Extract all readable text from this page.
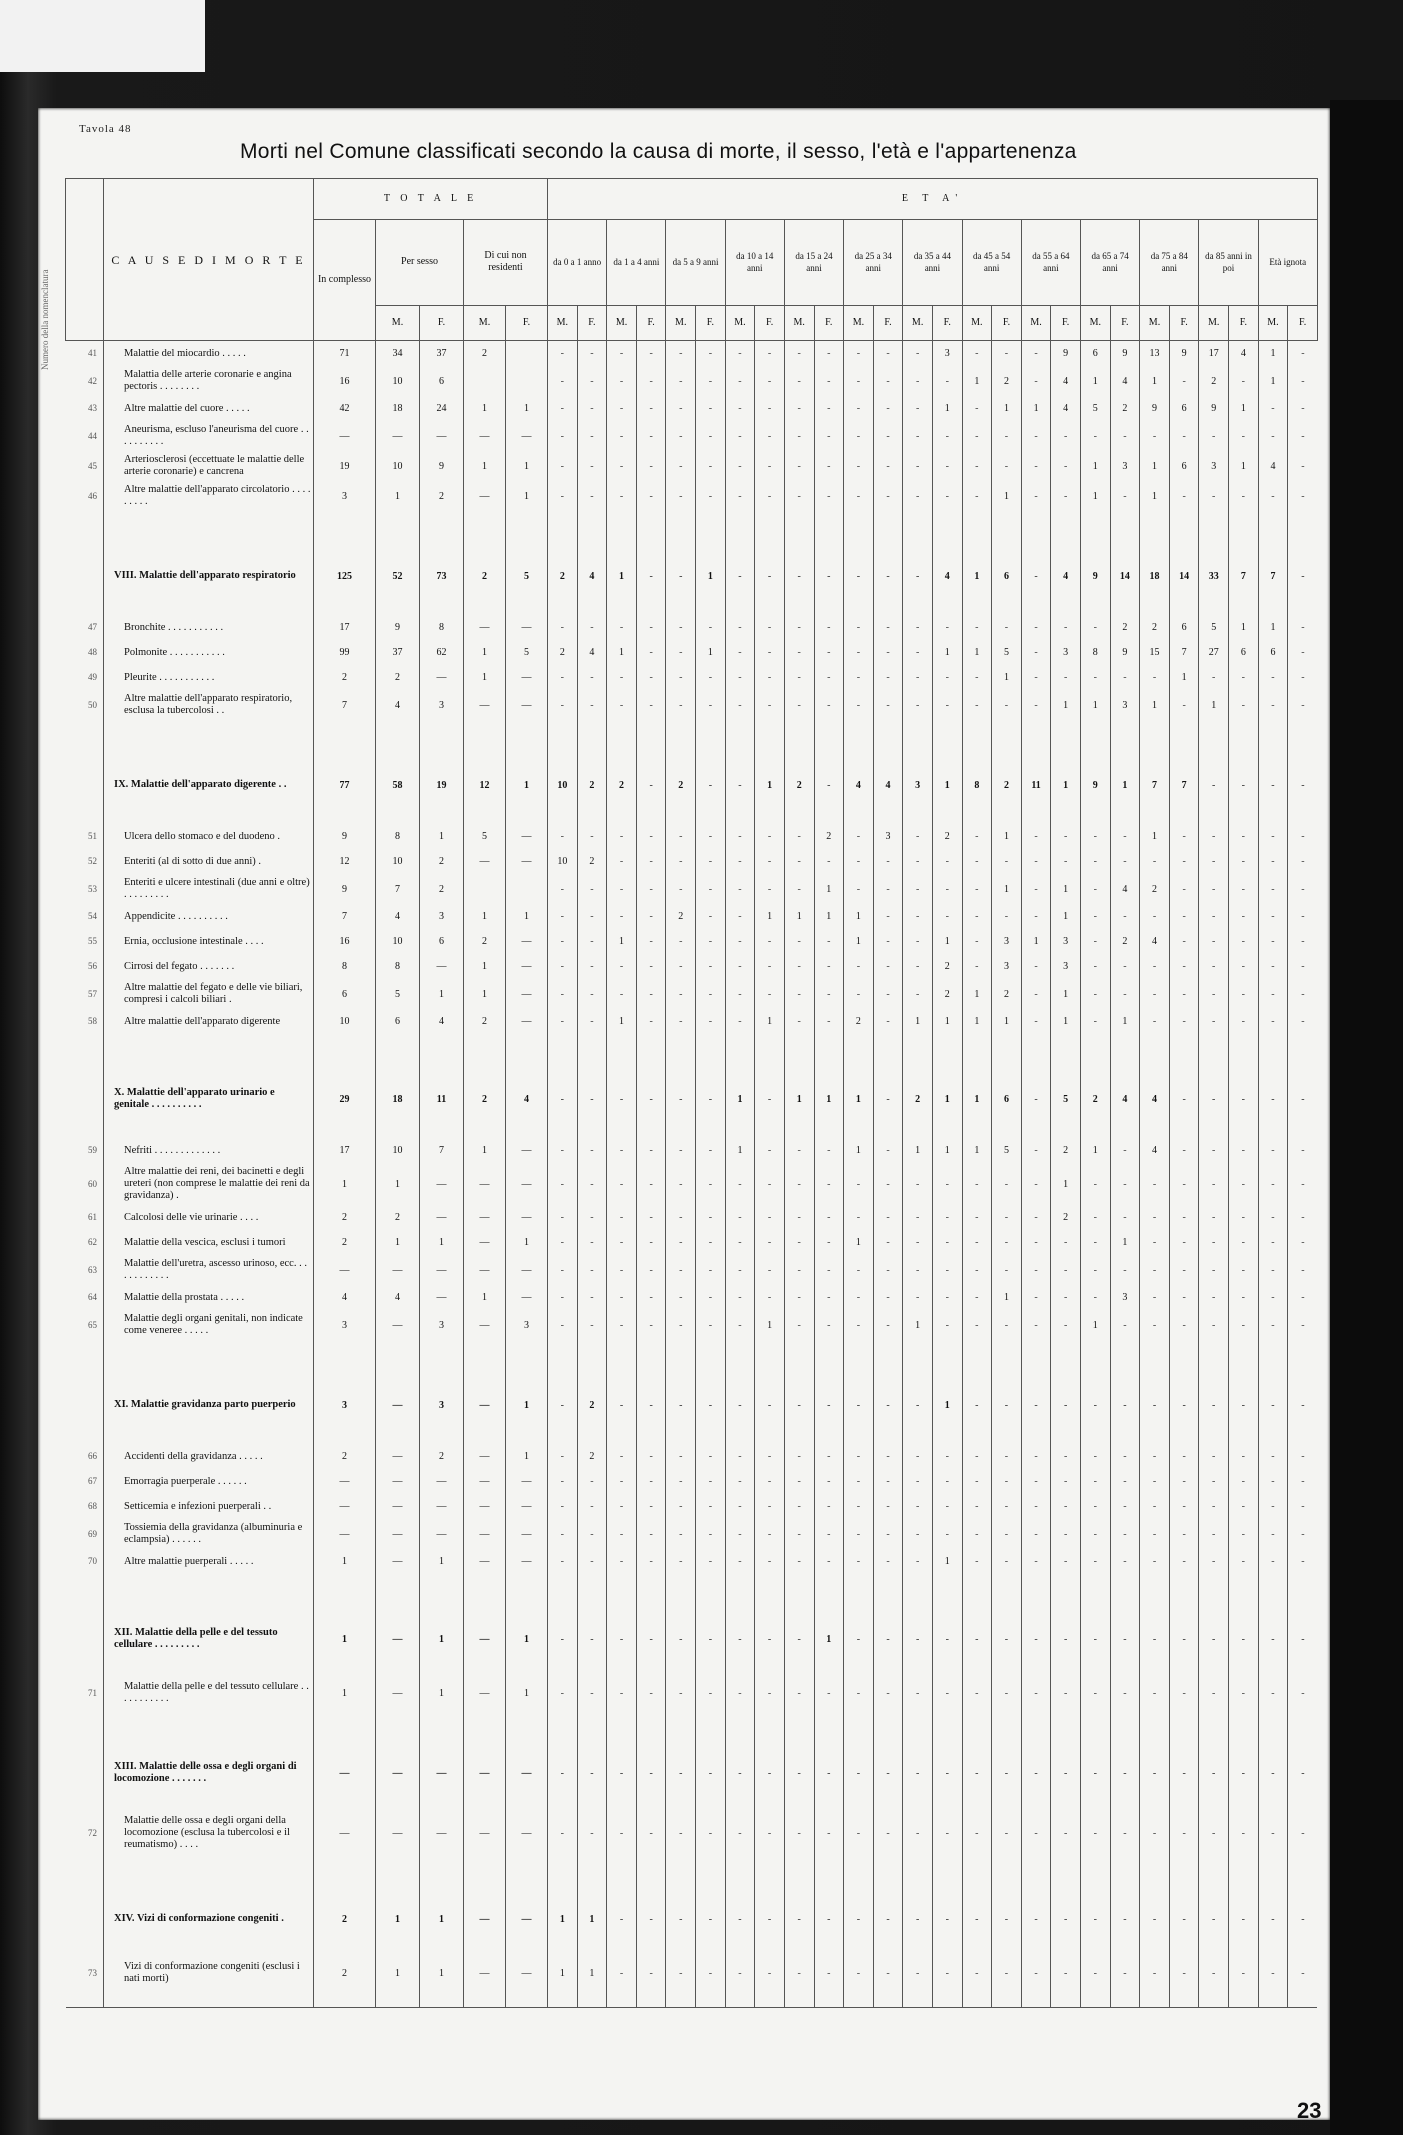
Numero della nomenclatura
Tavola 48
Morti nel Comune classificati secondo la causa di morte, il sesso, l'età e l'appartenenza
	C A U S E D I M O R T E	T O T A L E					E T A'																									
		In complesso	Per sesso		Di cui non residenti		da 0 a 1 anno		da 1 a 4 anni		da 5 a 9 anni		da 10 a 14 anni		da 15 a 24 anni		da 25 a 34 anni		da 35 a 44 anni		da 45 a 54 anni		da 55 a 64 anni		da 65 a 74 anni		da 75 a 84 anni		da 85 anni in poi		Età ignota	
			M.	F.	M.	F.	M.	F.	M.	F.	M.	F.	M.	F.	M.	F.	M.	F.	M.	F.	M.	F.	M.	F.	M.	F.	M.	F.	M.	F.	M.	F.
41	Malattie del miocardio . . . . .	71	34	37	2		-	-	-	-	-	-	-	-	-	-	-	-	-	3	-	-	-	9	6	9	13	9	17	4	1	-
42	Malattia delle arterie coronarie e angina pectoris . . . . . . . .	16	10	6			-	-	-	-	-	-	-	-	-	-	-	-	-	-	1	2	-	4	1	4	1	-	2	-	1	-
43	Altre malattie del cuore . . . . .	42	18	24	1	1	-	-	-	-	-	-	-	-	-	-	-	-	-	1	-	1	1	4	5	2	9	6	9	1	-	-
44	Aneurisma, escluso l'aneurisma del cuore . . . . . . . . . .	—	—	—	—	—	-	-	-	-	-	-	-	-	-	-	-	-	-	-	-	-	-	-	-	-	-	-	-	-	-	-
45	Arteriosclerosi (eccettuate le malattie delle arterie coronarie) e cancrena	19	10	9	1	1	-	-	-	-	-	-	-	-	-	-	-	-	-	-	-	-	-	-	1	3	1	6	3	1	4	-
46	Altre malattie dell'apparato circolatorio . . . . . . . . .	3	1	2	—	1	-	-	-	-	-	-	-	-	-	-	-	-	-	-	-	1	-	-	1	-	1	-	-	-	-	-

	VIII. Malattie dell'apparato respiratorio	125	52	73	2	5	2	4	1	-	-	1	-	-	-	-	-	-	-	4	1	6	-	4	9	14	18	14	33	7	7	-

47	Bronchite . . . . . . . . . . .	17	9	8	—	—	-	-	-	-	-	-	-	-	-	-	-	-	-	-	-	-	-	-	-	2	2	6	5	1	1	-
48	Polmonite . . . . . . . . . . .	99	37	62	1	5	2	4	1	-	-	1	-	-	-	-	-	-	-	1	1	5	-	3	8	9	15	7	27	6	6	-
49	Pleurite . . . . . . . . . . .	2	2	—	1	—	-	-	-	-	-	-	-	-	-	-	-	-	-	-	-	1	-	-	-	-	-	1	-	-	-	-
50	Altre malattie dell'apparato respiratorio, esclusa la tubercolosi . .	7	4	3	—	—	-	-	-	-	-	-	-	-	-	-	-	-	-	-	-	-	-	1	1	3	1	-	1	-	-	-

	IX. Malattie dell'apparato digerente . .	77	58	19	12	1	10	2	2	-	2	-	-	1	2	-	4	4	3	1	8	2	11	1	9	1	7	7	-	-	-	-

51	Ulcera dello stomaco e del duodeno .	9	8	1	5	—	-	-	-	-	-	-	-	-	-	2	-	3	-	2	-	1	-	-	-	-	1	-	-	-	-	-
52	Enteriti (al di sotto di due anni) .	12	10	2	—	—	10	2	-	-	-	-	-	-	-	-	-	-	-	-	-	-	-	-	-	-	-	-	-	-	-	-
53	Enteriti e ulcere intestinali (due anni e oltre) . . . . . . . . .	9	7	2			-	-	-	-	-	-	-	-	-	1	-	-	-	-	-	1	-	1	-	4	2	-	-	-	-	-
54	Appendicite . . . . . . . . . .	7	4	3	1	1	-	-	-	-	2	-	-	1	1	1	1	-	-	-	-	-	-	1	-	-	-	-	-	-	-	-
55	Ernia, occlusione intestinale . . . .	16	10	6	2	—	-	-	1	-	-	-	-	-	-	-	1	-	-	1	-	3	1	3	-	2	4	-	-	-	-	-
56	Cirrosi del fegato . . . . . . .	8	8	—	1	—	-	-	-	-	-	-	-	-	-	-	-	-	-	2	-	3	-	3	-	-	-	-	-	-	-	-
57	Altre malattie del fegato e delle vie biliari, compresi i calcoli biliari .	6	5	1	1	—	-	-	-	-	-	-	-	-	-	-	-	-	-	2	1	2	-	1	-	-	-	-	-	-	-	-
58	Altre malattie dell'apparato digerente	10	6	4	2	—	-	-	1	-	-	-	-	1	-	-	2	-	1	1	1	1	-	1	-	1	-	-	-	-	-	-

	X. Malattie dell'apparato urinario e genitale . . . . . . . . . .	29	18	11	2	4	-	-	-	-	-	-	1	-	1	1	1	-	2	1	1	6	-	5	2	4	4	-	-	-	-	-

59	Nefriti . . . . . . . . . . . . .	17	10	7	1	—	-	-	-	-	-	-	1	-	-	-	1	-	1	1	1	5	-	2	1	-	4	-	-	-	-	-
60	Altre malattie dei reni, dei bacinetti e degli ureteri (non comprese le malattie dei reni da gravidanza) .	1	1	—	—	—	-	-	-	-	-	-	-	-	-	-	-	-	-	-	-	-	-	1	-	-	-	-	-	-	-	-
61	Calcolosi delle vie urinarie . . . .	2	2	—	—	—	-	-	-	-	-	-	-	-	-	-	-	-	-	-	-	-	-	2	-	-	-	-	-	-	-	-
62	Malattie della vescica, esclusi i tumori	2	1	1	—	1	-	-	-	-	-	-	-	-	-	-	1	-	-	-	-	-	-	-	-	1	-	-	-	-	-	-
63	Malattie dell'uretra, ascesso urinoso, ecc. . . . . . . . . . . .	—	—	—	—	—	-	-	-	-	-	-	-	-	-	-	-	-	-	-	-	-	-	-	-	-	-	-	-	-	-	-
64	Malattie della prostata . . . . .	4	4	—	1	—	-	-	-	-	-	-	-	-	-	-	-	-	-	-	-	1	-	-	-	3	-	-	-	-	-	-
65	Malattie degli organi genitali, non indicate come veneree . . . . .	3	—	3	—	3	-	-	-	-	-	-	-	1	-	-	-	-	1	-	-	-	-	-	1	-	-	-	-	-	-	-

	XI. Malattie gravidanza parto puerperio	3	—	3	—	1	-	2	-	-	-	-	-	-	-	-	-	-	-	1	-	-	-	-	-	-	-	-	-	-	-	-

66	Accidenti della gravidanza . . . . .	2	—	2	—	1	-	2	-	-	-	-	-	-	-	-	-	-	-	-	-	-	-	-	-	-	-	-	-	-	-	-
67	Emorragia puerperale . . . . . .	—	—	—	—	—	-	-	-	-	-	-	-	-	-	-	-	-	-	-	-	-	-	-	-	-	-	-	-	-	-	-
68	Setticemia e infezioni puerperali . .	—	—	—	—	—	-	-	-	-	-	-	-	-	-	-	-	-	-	-	-	-	-	-	-	-	-	-	-	-	-	-
69	Tossiemia della gravidanza (albuminuria e eclampsia) . . . . . .	—	—	—	—	—	-	-	-	-	-	-	-	-	-	-	-	-	-	-	-	-	-	-	-	-	-	-	-	-	-	-
70	Altre malattie puerperali . . . . .	1	—	1	—	—	-	-	-	-	-	-	-	-	-	-	-	-	-	1	-	-	-	-	-	-	-	-	-	-	-	-

	XII. Malattie della pelle e del tessuto cellulare . . . . . . . . .	1	—	1	—	1	-	-	-	-	-	-	-	-	-	1	-	-	-	-	-	-	-	-	-	-	-	-	-	-	-	-

71	Malattie della pelle e del tessuto cellulare . . . . . . . . . . .	1	—	1	—	1	-	-	-	-	-	-	-	-	-	-	-	-	-	-	-	-	-	-	-	-	-	-	-	-	-	-

	XIII. Malattie delle ossa e degli organi di locomozione . . . . . . .	—	—	—	—	—	-	-	-	-	-	-	-	-	-	-	-	-	-	-	-	-	-	-	-	-	-	-	-	-	-	-

72	Malattie delle ossa e degli organi della locomozione (esclusa la tubercolosi e il reumatismo) . . . .	—	—	—	—	—	-	-	-	-	-	-	-	-	-	-	-	-	-	-	-	-	-	-	-	-	-	-	-	-	-	-

	XIV. Vizi di conformazione congeniti .	2	1	1	—	—	1	1	-	-	-	-	-	-	-	-	-	-	-	-	-	-	-	-	-	-	-	-	-	-	-	-

73	Vizi di conformazione congeniti (esclusi i nati morti)	2	1	1	—	—	1	1	-	-	-	-	-	-	-	-	-	-	-	-	-	-	-	-	-	-	-	-	-	-	-	-

23
